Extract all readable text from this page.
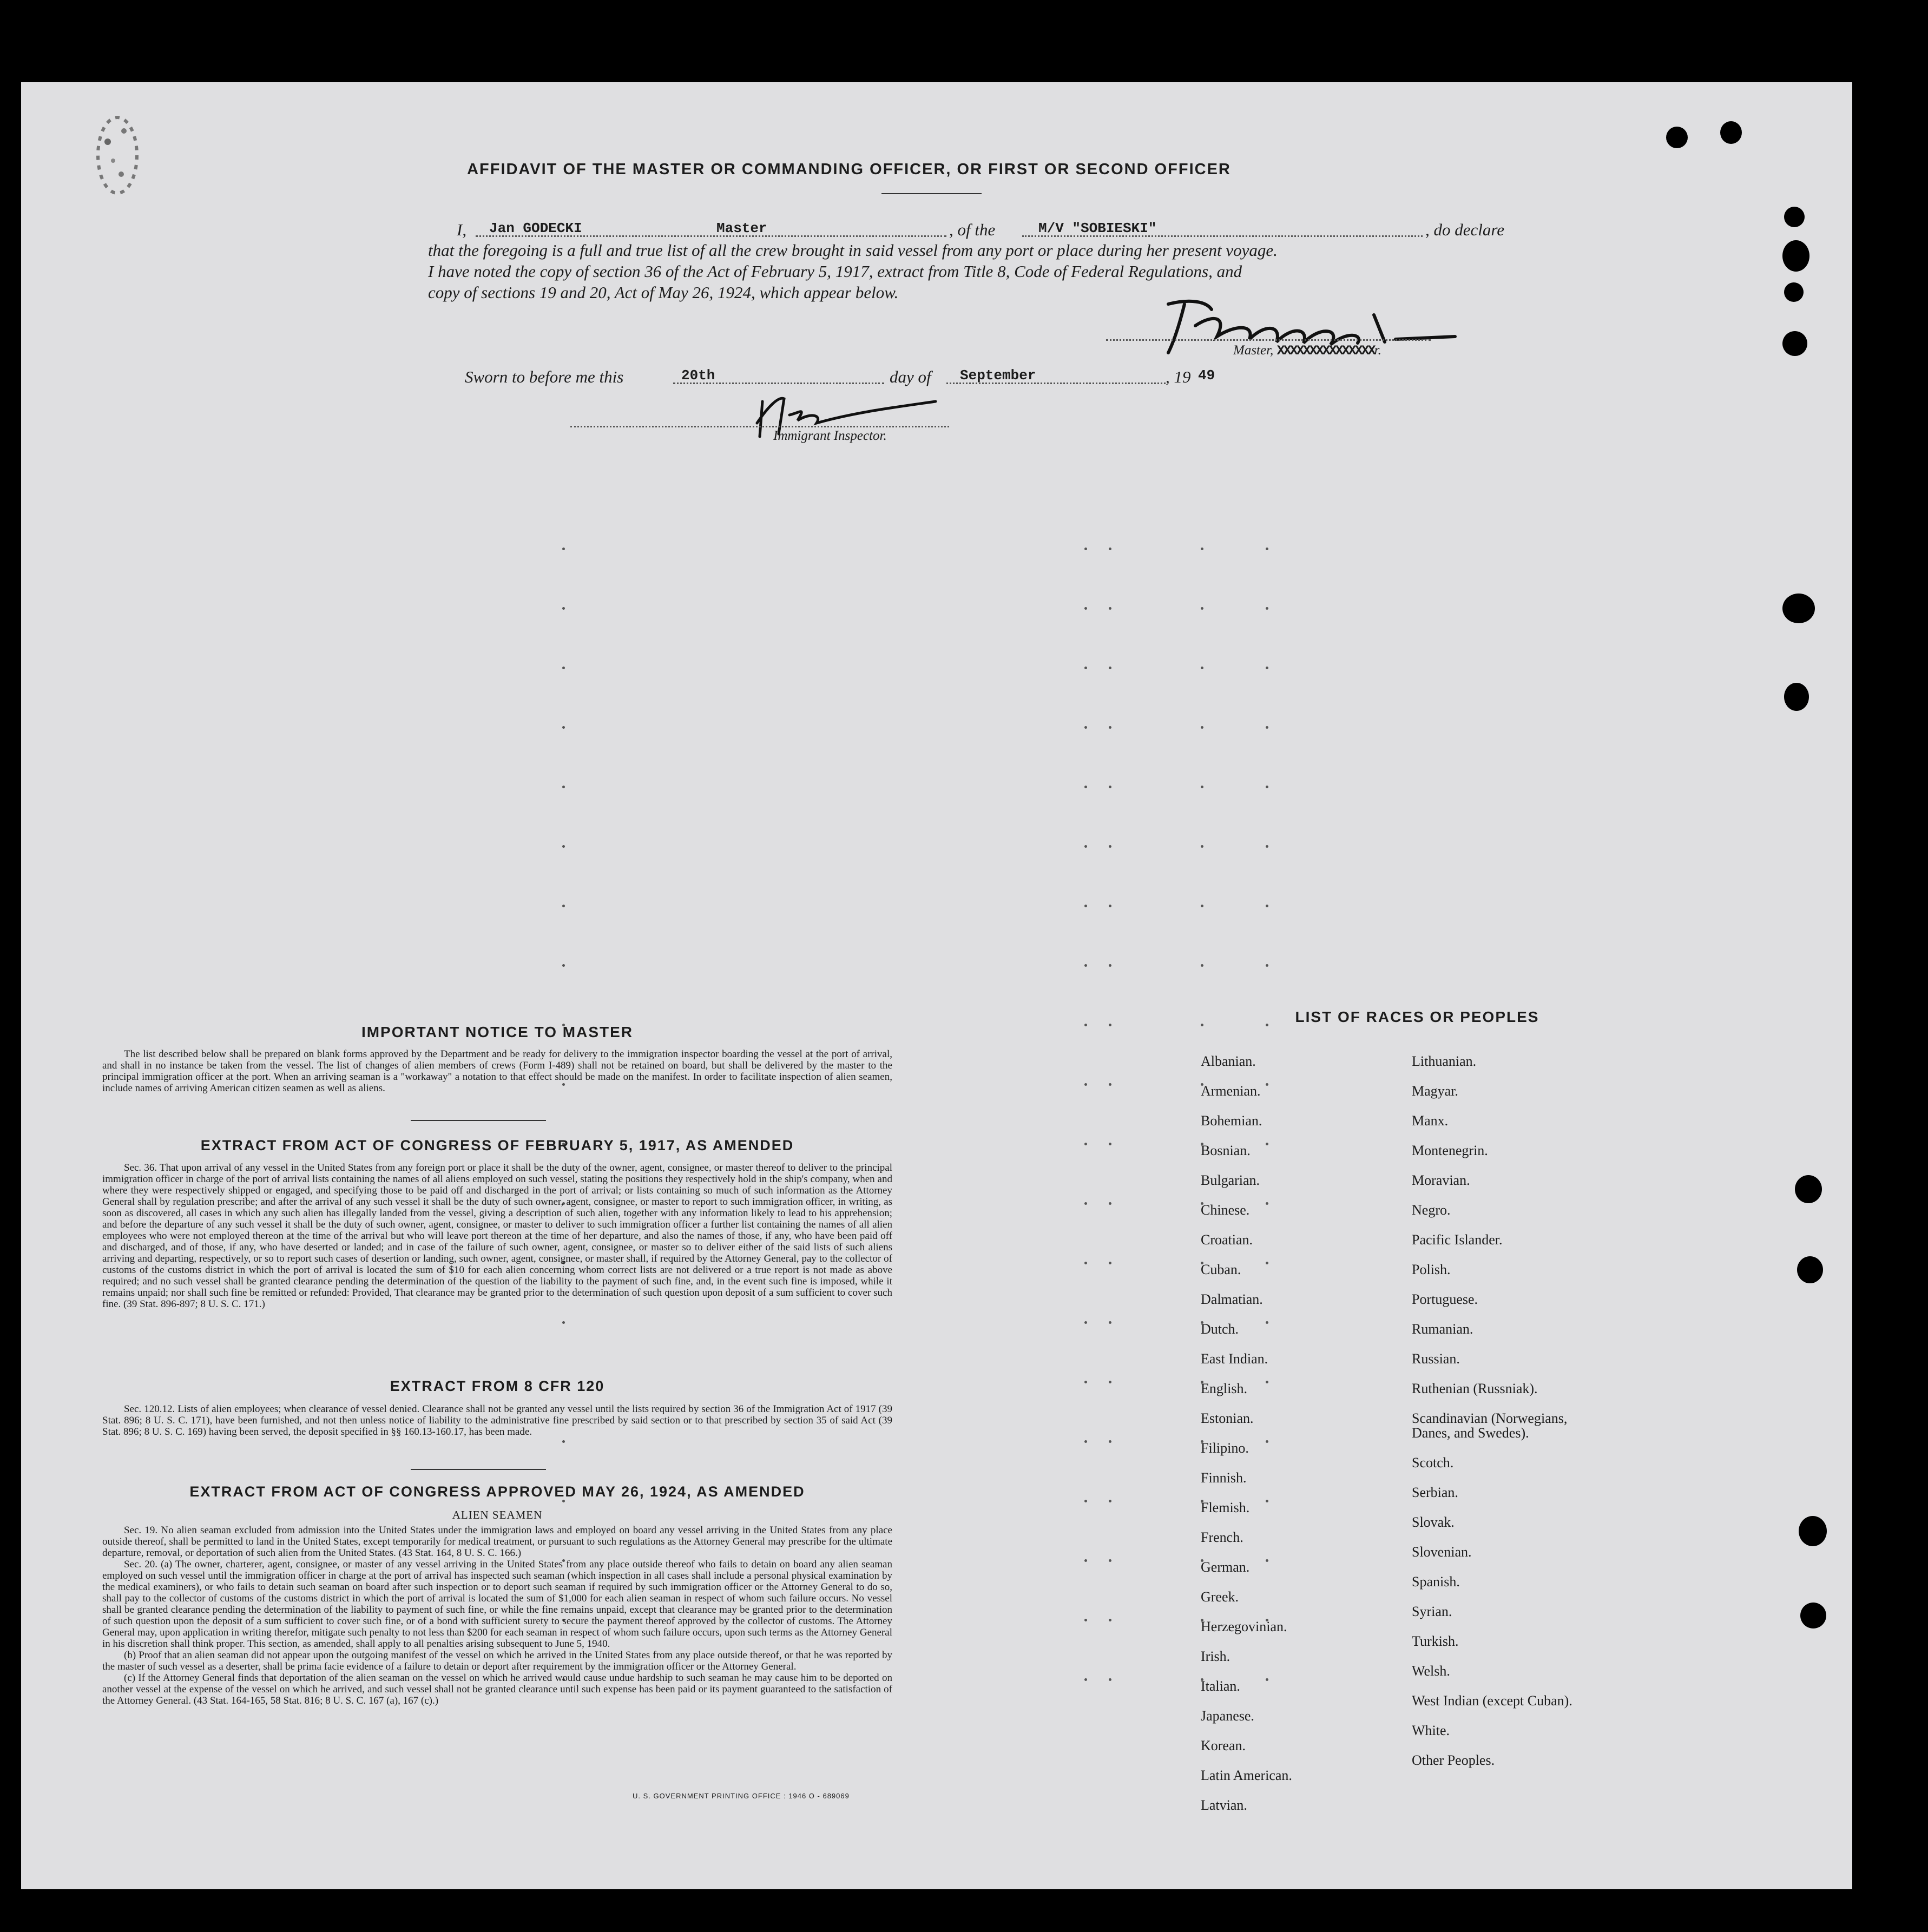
AFFIDAVIT OF THE MASTER OR COMMANDING OFFICER, OR FIRST OR SECOND OFFICER
I, Jan GODECKI	Master	, of the	M/V "SOBIESKI"	, do declare
that the foregoing is a full and true list of all the crew brought in said vessel from any port or place during her present voyage.
I have noted the copy of section 36 of the Act of February 5, 1917, extract from Title 8, Code of Federal Regulations, and
copy of sections 19 and 20, Act of May 26, 1924, which appear below.
Master, XXXXXXXXXXXXXXXr.
Sworn to before me this	20th	day of September	, 19 49
Immigrant Inspector.
IMPORTANT NOTICE TO MASTER

The list described below shall be prepared on blank forms approved by the Department and be ready for delivery to the immigration inspector boarding the vessel at the port of arrival, and shall in no instance be taken from the vessel. The list of changes of alien members of crews (Form I-489) shall not be retained on board, but shall be delivered by the master to the principal immigration officer at the port. When an arriving seaman is a "workaway" a notation to that effect should be made on the manifest. In order to facilitate inspection of alien seamen, include names of arriving American citizen seamen as well as aliens.

EXTRACT FROM ACT OF CONGRESS OF FEBRUARY 5, 1917, AS AMENDED

Sec. 36. That upon arrival of any vessel in the United States from any foreign port or place it shall be the duty of the owner, agent, consignee, or master thereof to deliver to the principal immigration officer in charge of the port of arrival lists containing the names of all aliens employed on such vessel, stating the positions they respectively hold in the ship's company, when and where they were respectively shipped or engaged, and specifying those to be paid off and discharged in the port of arrival; or lists containing so much of such information as the Attorney General shall by regulation prescribe; and after the arrival of any such vessel it shall be the duty of such owner, agent, consignee, or master to report to such immigration officer, in writing, as soon as discovered, all cases in which any such alien has illegally landed from the vessel, giving a description of such alien, together with any information likely to lead to his apprehension; and before the departure of any such vessel it shall be the duty of such owner, agent, consignee, or master to deliver to such immigration officer a further list containing the names of all alien employees who were not employed thereon at the time of the arrival but who will leave port thereon at the time of her departure, and also the names of those, if any, who have been paid off and discharged, and of those, if any, who have deserted or landed; and in case of the failure of such owner, agent, consignee, or master so to deliver either of the said lists of such aliens arriving and departing, respectively, or so to report such cases of desertion or landing, such owner, agent, consignee, or master shall, if required by the Attorney General, pay to the collector of customs of the customs district in which the port of arrival is located the sum of $10 for each alien concerning whom correct lists are not delivered or a true report is not made as above required; and no such vessel shall be granted clearance pending the determination of the question of the liability to the payment of such fine, and, in the event such fine is imposed, while it remains unpaid; nor shall such fine be remitted or refunded: Provided, That clearance may be granted prior to the determination of such question upon deposit of a sum sufficient to cover such fine. (39 Stat. 896-897; 8 U. S. C. 171.)

EXTRACT FROM 8 CFR 120

Sec. 120.12. Lists of alien employees; when clearance of vessel denied. Clearance shall not be granted any vessel until the lists required by section 36 of the Immigration Act of 1917 (39 Stat. 896; 8 U. S. C. 171), have been furnished, and not then unless notice of liability to the administrative fine prescribed by said section or to that prescribed by section 35 of said Act (39 Stat. 896; 8 U. S. C. 169) having been served, the deposit specified in §§ 160.13-160.17, has been made.

EXTRACT FROM ACT OF CONGRESS APPROVED MAY 26, 1924, AS AMENDED
ALIEN SEAMEN

Sec. 19. No alien seaman excluded from admission into the United States under the immigration laws and employed on board any vessel arriving in the United States from any place outside thereof, shall be permitted to land in the United States, except temporarily for medical treatment, or pursuant to such regulations as the Attorney General may prescribe for the ultimate departure, removal, or deportation of such alien from the United States. (43 Stat. 164, 8 U. S. C. 166.)

Sec. 20. (a) The owner, charterer, agent, consignee, or master of any vessel arriving in the United States from any place outside thereof who fails to detain on board any alien seaman employed on such vessel until the immigration officer in charge at the port of arrival has inspected such seaman (which inspection in all cases shall include a personal physical examination by the medical examiners), or who fails to detain such seaman on board after such inspection or to deport such seaman if required by such immigration officer or the Attorney General to do so, shall pay to the collector of customs of the customs district in which the port of arrival is located the sum of $1,000 for each alien seaman in respect of whom such failure occurs. No vessel shall be granted clearance pending the determination of the liability to payment of such fine, or while the fine remains unpaid, except that clearance may be granted prior to the determination of such question upon the deposit of a sum sufficient to cover such fine, or of a bond with sufficient surety to secure the payment thereof approved by the collector of customs. The Attorney General may, upon application in writing therefor, mitigate such penalty to not less than $200 for each seaman in respect of whom such failure occurs, upon such terms as the Attorney General in his discretion shall think proper. This section, as amended, shall apply to all penalties arising subsequent to June 5, 1940.

(b) Proof that an alien seaman did not appear upon the outgoing manifest of the vessel on which he arrived in the United States from any place outside thereof, or that he was reported by the master of such vessel as a deserter, shall be prima facie evidence of a failure to detain or deport after requirement by the immigration officer or the Attorney General.

(c) If the Attorney General finds that deportation of the alien seaman on the vessel on which he arrived would cause undue hardship to such seaman he may cause him to be deported on another vessel at the expense of the vessel on which he arrived, and such vessel shall not be granted clearance until such expense has been paid or its payment guaranteed to the satisfaction of the Attorney General. (43 Stat. 164-165, 58 Stat. 816; 8 U. S. C. 167 (a), 167 (c).)

U. S. GOVERNMENT PRINTING OFFICE : 1946 O - 689069
LIST OF RACES OR PEOPLES
Albanian.
Armenian.
Bohemian.
Bosnian.
Bulgarian.
Chinese.
Croatian.
Cuban.
Dalmatian.
Dutch.
East Indian.
English.
Estonian.
Filipino.
Finnish.
Flemish.
French.
German.
Greek.
Herzegovinian.
Irish.
Italian.
Japanese.
Korean.
Latin American.
Latvian.
Lithuanian.
Magyar.
Manx.
Montenegrin.
Moravian.
Negro.
Pacific Islander.
Polish.
Portuguese.
Rumanian.
Russian.
Ruthenian (Russniak).
Scandinavian (Norwegians,
Danes, and Swedes).
Scotch.
Serbian.
Slovak.
Slovenian.
Spanish.
Syrian.
Turkish.
Welsh.
West Indian (except Cuban).
White.
Other Peoples.
